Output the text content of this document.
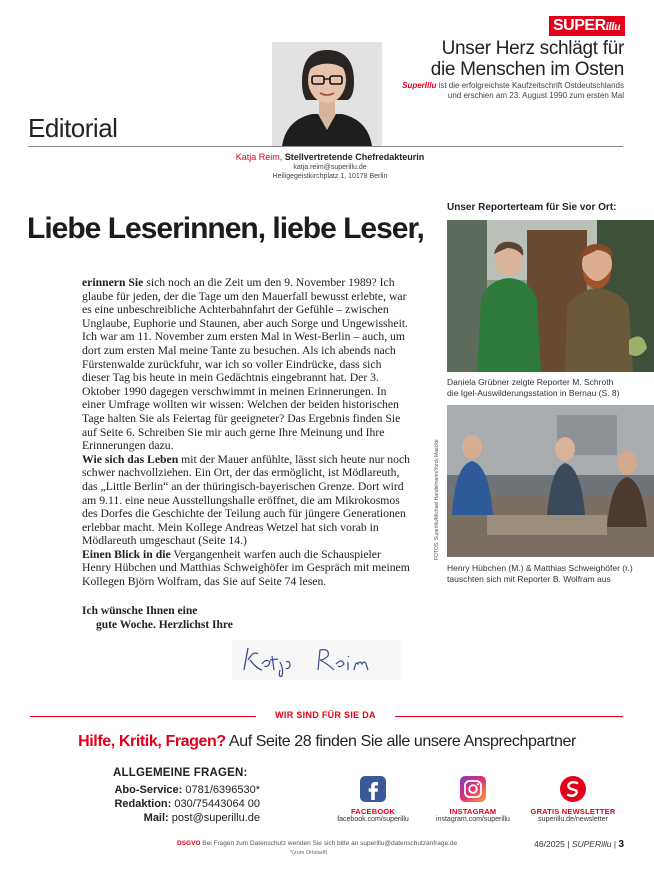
SUPERillu
Unser Herz schlägt für
die Menschen im Osten
SuperIllu ist die erfolgreichste Kaufzeitschrift Ostdeutschlands
und erschien am 23. August 1990 zum ersten Mal
Editorial
Katja Reim, Stellvertretende Chefredakteurin
katja.reim@superillu.de
Heiligegeistkirchplatz 1, 10178 Berlin
Liebe Leserinnen, liebe Leser,

erinnern Sie sich noch an die Zeit um den 9. November 1989? Ich glaube für jeden, der die Tage um den Mauerfall bewusst erlebte, war es eine unbeschreibliche Achterbahnfahrt der Gefühle – zwischen Unglaube, Euphorie und Staunen, aber auch Sorge und Ungewissheit. Ich war am 11. November zum ersten Mal in West-Berlin – auch, um dort zum ersten Mal meine Tante zu besuchen. Als ich abends nach Fürstenwalde zurückfuhr, war ich so voller Eindrücke, dass sich dieser Tag bis heute in mein Gedächtnis eingebrannt hat. Der 3. Oktober 1990 dagegen verschwimmt in meinen Erinnerungen. In einer Umfrage wollten wir wissen: Welchen der beiden historischen Tage halten Sie als Feiertag für geeigneter? Das Ergebnis finden Sie auf Seite 6. Schreiben Sie mir auch gerne Ihre Meinung und Ihre Erinnerungen dazu.

Wie sich das Leben mit der Mauer anfühlte, lässt sich heute nur noch schwer nachvollziehen. Ein Ort, der das ermöglicht, ist Mödlareuth, das „Little Berlin“ an der thüringisch-bayerischen Grenze. Dort wird am 9.11. eine neue Ausstellungshalle eröffnet, die am Mikrokosmos des Dorfes die Geschichte der Teilung auch für jüngere Generationen erlebbar macht. Mein Kollege Andreas Wetzel hat sich vorab in Mödlareuth umgeschaut (Seite 14.)

Einen Blick in die Vergangenheit warfen auch die Schauspieler Henry Hübchen und Matthias Schweighöfer im Gespräch mit meinem Kollegen Björn Wolfram, das Sie auf Seite 74 lesen.

Ich wünsche Ihnen eine
gute Woche. Herzlichst Ihre
Unser Reporterteam für Sie vor Ort:
Daniela Grübner zeigte Reporter M. Schroth
die Igel-Auswilderungsstation in Bernau (S. 8)
FOTOS: SuperIllu/Michael Handelmann/Yorck Maecke
Henry Hübchen (M.) & Matthias Schweighöfer (r.)
tauschten sich mit Reporter B. Wolfram aus
WIR SIND FÜR SIE DA
Hilfe, Kritik, Fragen? Auf Seite 28 finden Sie alle unsere Ansprechpartner
ALLGEMEINE FRAGEN:
Abo-Service: 0781/6396530*
Redaktion: 030/75443064 00
Mail: post@superillu.de
FACEBOOK
facebook.com/superillu
INSTAGRAM
instagram.com/superillu
GRATIS NEWSLETTER
superillu.de/newsletter
DSGVO Bei Fragen zum Datenschutz wenden Sie sich bitte an superillu@datenschutzanfrage.de
*(zum Ortstarif)
46/2025 | SUPERillu | 3
